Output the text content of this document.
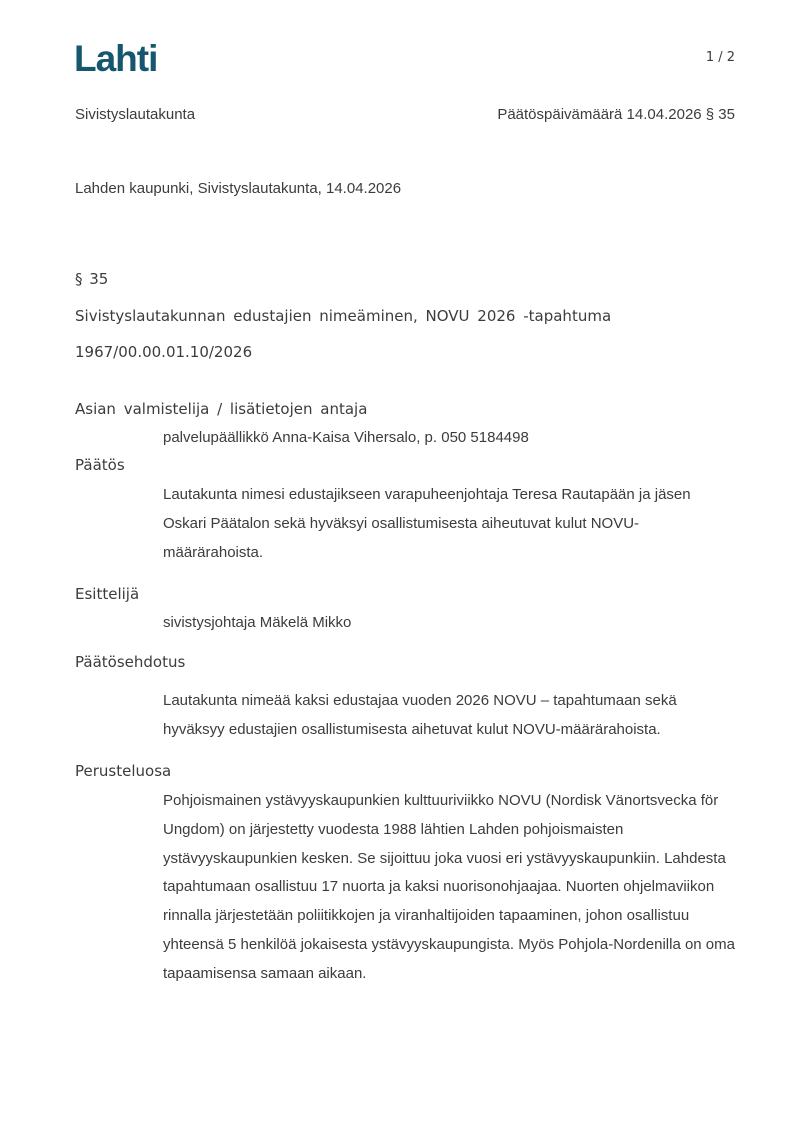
Lahti	1 / 2
Sivistyslautakunta	Päätöspäivämäärä 14.04.2026 § 35
Lahden kaupunki, Sivistyslautakunta, 14.04.2026
§ 35
Sivistyslautakunnan edustajien nimeäminen, NOVU 2026 -tapahtuma
1967/00.00.01.10/2026
Asian valmistelija / lisätietojen antaja
palvelupäällikkö Anna-Kaisa Vihersalo, p. 050 5184498
Päätös
Lautakunta nimesi edustajikseen varapuheenjohtaja Teresa Rautapään ja jäsen Oskari Päätalon sekä hyväksyi osallistumisesta aiheutuvat kulut NOVU-määrärahoista.
Esittelijä
sivistysjohtaja Mäkelä Mikko
Päätösehdotus
Lautakunta nimeää kaksi edustajaa vuoden 2026 NOVU – tapahtumaan sekä hyväksyy edustajien osallistumisesta aihetuvat kulut NOVU-määrärahoista.
Perusteluosa
Pohjoismainen ystävyyskaupunkien kulttuuriviikko NOVU (Nordisk Vänortsvecka för Ungdom) on järjestetty vuodesta 1988 lähtien Lahden pohjoismaisten ystävyyskaupunkien kesken. Se sijoittuu joka vuosi eri ystävyyskaupunkiin. Lahdesta tapahtumaan osallistuu 17 nuorta ja kaksi nuorisonohjaajaa. Nuorten ohjelmaviikon rinnalla järjestetään poliitikkojen ja viranhaltijoiden tapaaminen, johon osallistuu yhteensä 5 henkilöä jokaisesta ystävyyskaupungista. Myös Pohjola-Nordenilla on oma tapaamisensa samaan aikaan.
